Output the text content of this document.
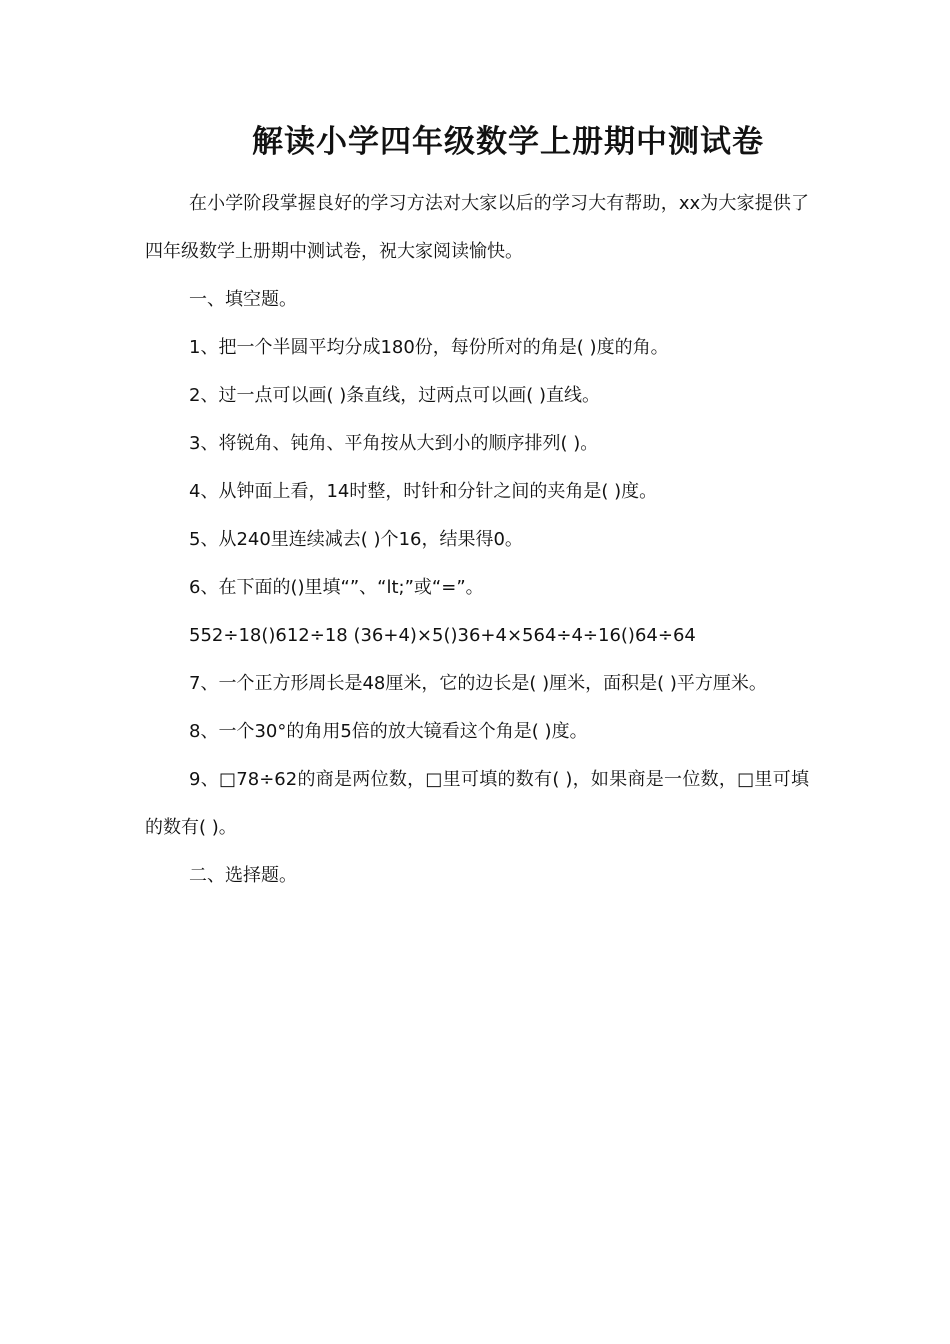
解读小学四年级数学上册期中测试卷

在小学阶段掌握良好的学习方法对大家以后的学习大有帮助，xx为大家提供了四年级数学上册期中测试卷，祝大家阅读愉快。

一、填空题。

1、把一个半圆平均分成180份，每份所对的角是( )度的角。

2、过一点可以画( )条直线，过两点可以画( )直线。

3、将锐角、钝角、平角按从大到小的顺序排列( )。

4、从钟面上看，14时整，时针和分针之间的夹角是( )度。

5、从240里连续减去( )个16，结果得0。

6、在下面的()里填“”、“lt;”或“=”。

552÷18()612÷18 (36+4)×5()36+4×564÷4÷16()64÷64

7、一个正方形周长是48厘米，它的边长是( )厘米，面积是( )平方厘米。

8、一个30°的角用5倍的放大镜看这个角是( )度。

9、□78÷62的商是两位数，□里可填的数有( )，如果商是一位数，□里可填的数有( )。

二、选择题。
